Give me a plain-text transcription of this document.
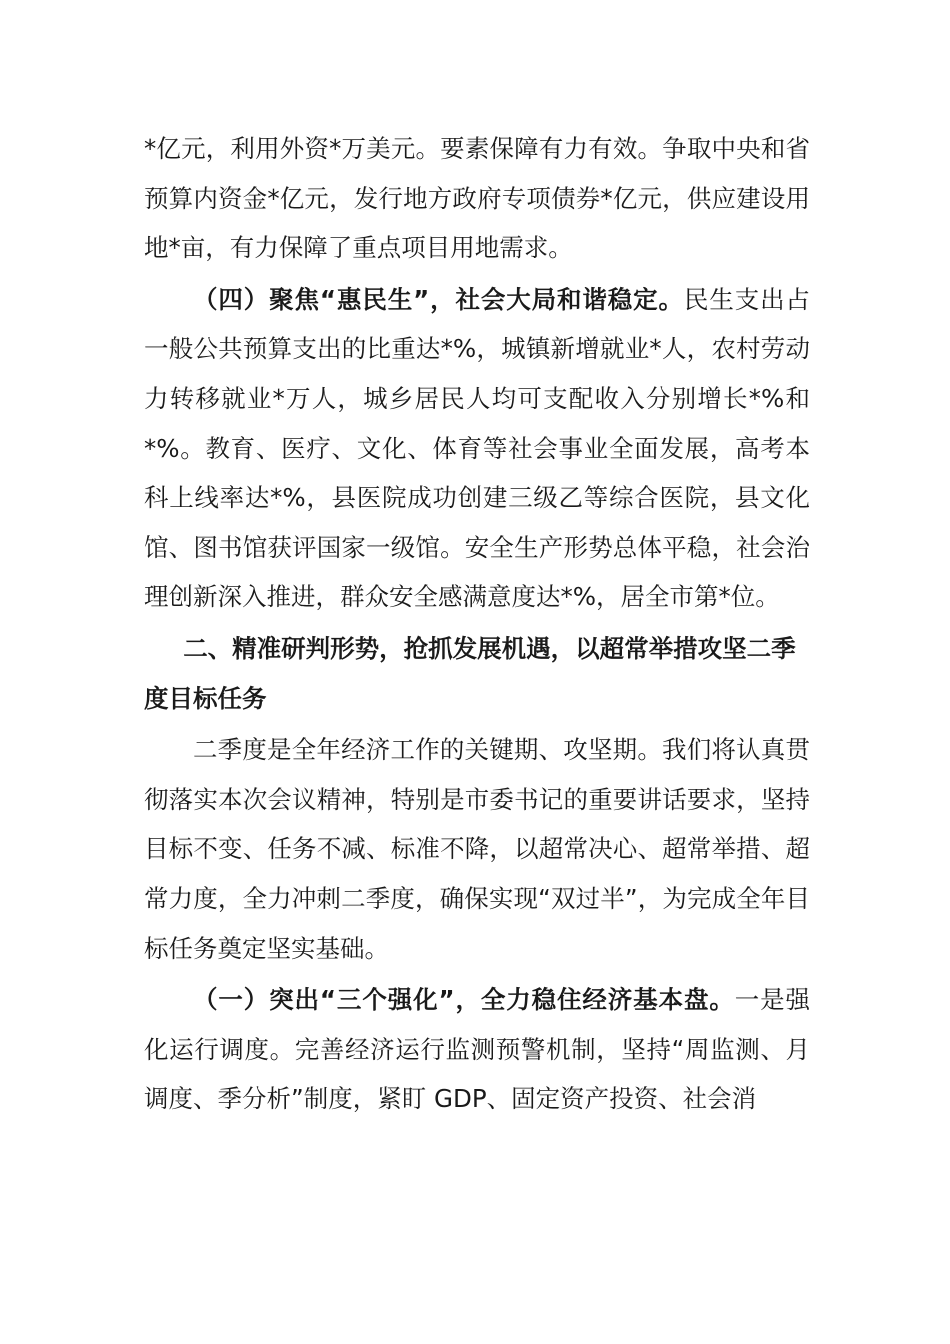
*亿元，利用外资*万美元。要素保障有力有效。争取中央和省预算内资金*亿元，发行地方政府专项债券*亿元，供应建设用地*亩，有力保障了重点项目用地需求。

（四）聚焦“惠民生”，社会大局和谐稳定。民生支出占一般公共预算支出的比重达*%，城镇新增就业*人，农村劳动力转移就业*万人，城乡居民人均可支配收入分别增长*%和*%。教育、医疗、文化、体育等社会事业全面发展，高考本科上线率达*%，县医院成功创建三级乙等综合医院，县文化馆、图书馆获评国家一级馆。安全生产形势总体平稳，社会治理创新深入推进，群众安全感满意度达*%，居全市第*位。

二、精准研判形势，抢抓发展机遇，以超常举措攻坚二季度目标任务

二季度是全年经济工作的关键期、攻坚期。我们将认真贯彻落实本次会议精神，特别是市委书记的重要讲话要求，坚持目标不变、任务不减、标准不降，以超常决心、超常举措、超常力度，全力冲刺二季度，确保实现“双过半”，为完成全年目标任务奠定坚实基础。

（一）突出“三个强化”，全力稳住经济基本盘。一是强化运行调度。完善经济运行监测预警机制，坚持“周监测、月调度、季分析”制度，紧盯 GDP、固定资产投资、社会消
